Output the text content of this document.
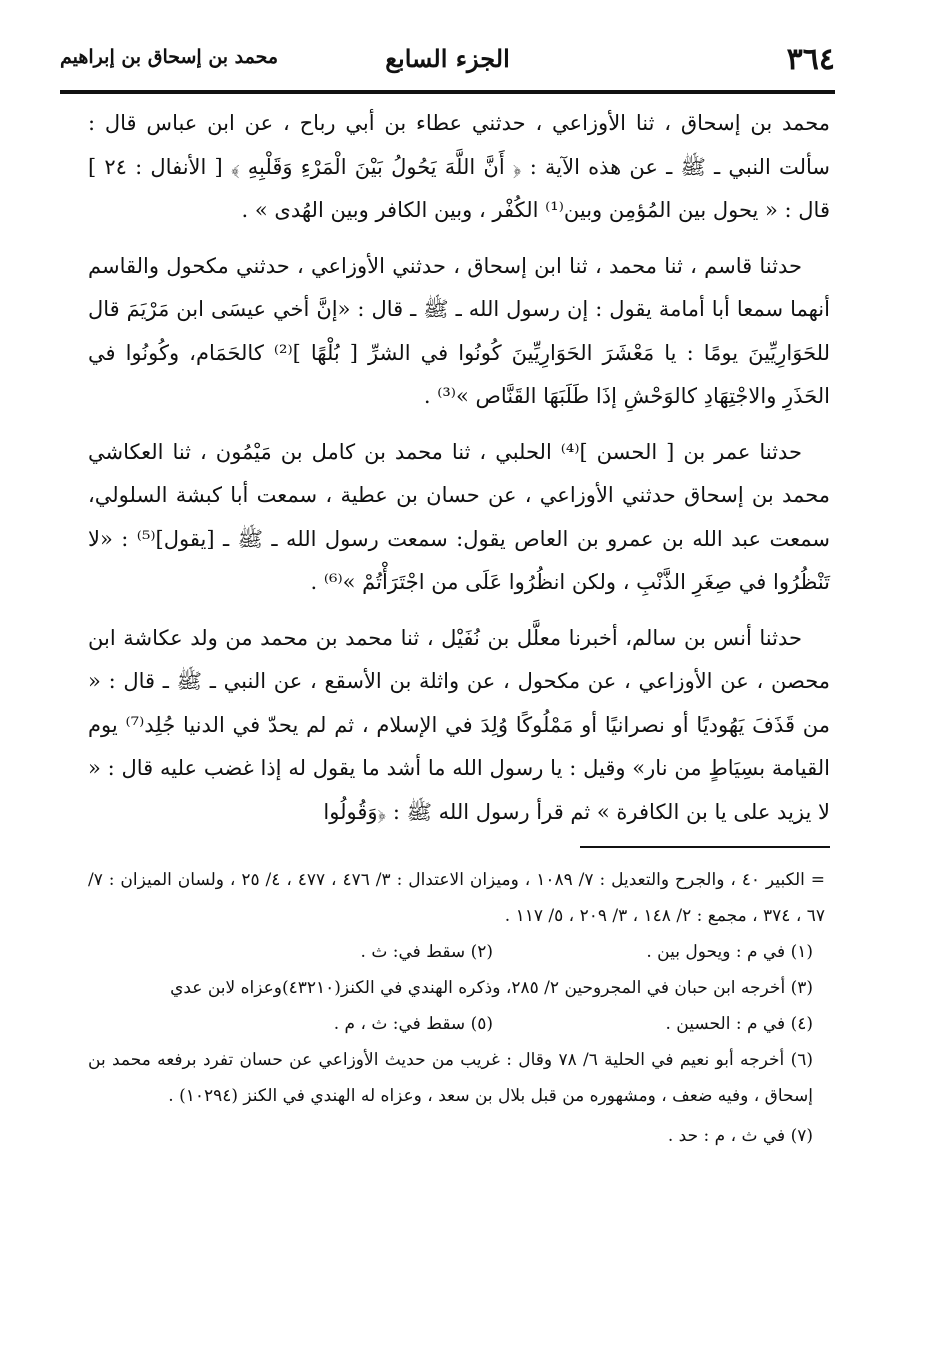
٣٦٤
الجزء السابع
محمد بن إسحاق بن إبراهيم

محمد بن إسحاق ، ثنا الأوزاعي ، حدثني عطاء بن أبي رباح ، عن ابن عباس قال : سألت النبي ـ ﷺ ـ عن هذه الآية : ﴿ أَنَّ اللَّهَ يَحُولُ بَيْنَ الْمَرْءِ وَقَلْبِهِ ﴾ [ الأنفال : ٢٤ ] قال : « يحول بين المُؤمِن وبين⁽¹⁾ الكُفْر ، وبين الكافر وبين الهُدى » .

حدثنا قاسم ، ثنا محمد ، ثنا ابن إسحاق ، حدثني الأوزاعي ، حدثني مكحول والقاسم أنهما سمعا أبا أمامة يقول : إن رسول الله ـ ﷺ ـ قال : «إنَّ أخي عيسَى ابن مَرْيَمَ قال للحَوَارِيِّينَ يومًا : يا مَعْشَرَ الحَوَارِيِّينَ كُونُوا في الشرِّ [ بُلْهًا ]⁽²⁾ كالحَمَام، وكُونُوا في الحَذَرِ والاجْتِهَادِ كالوَحْشِ إذَا طَلَبَهَا القَنَّاص »⁽³⁾ .

حدثنا عمر بن [ الحسن ]⁽⁴⁾ الحلبي ، ثنا محمد بن كامل بن مَيْمُون ، ثنا العكاشي محمد بن إسحاق حدثني الأوزاعي ، عن حسان بن عطية ، سمعت أبا كبشة السلولي، سمعت عبد الله بن عمرو بن العاص يقول: سمعت رسول الله ـ ﷺ ـ [يقول]⁽⁵⁾ : «لا تَنْظُرُوا في صِغَرِ الذَّنْبِ ، ولكن انظُرُوا عَلَى من اجْتَرَأْتُمْ »⁽⁶⁾ .

حدثنا أنس بن سالم، أخبرنا معلَّل بن نُفَيْل ، ثنا محمد بن محمد من ولد عكاشة ابن محصن ، عن الأوزاعي ، عن مكحول ، عن واثلة بن الأسقع ، عن النبي ـ ﷺ ـ قال : « من قَذَفَ يَهُوديًا أو نصرانيًا أو مَمْلُوكًا وُلِدَ في الإسلام ، ثم لم يحدّ في الدنيا جُلِد⁽⁷⁾ يوم القيامة بسِيَاطٍ من نار» وقيل : يا رسول الله ما أشد ما يقول له إذا غضب عليه قال : « لا يزيد على يا بن الكافرة » ثم قرأ رسول الله ﷺ : ﴿وَقُولُوا

= الكبير ٤٠ ، والجرح والتعديل : ٧/ ١٠٨٩ ، وميزان الاعتدال : ٣/ ٤٧٦ ، ٤٧٧ ، ٤/ ٢٥ ، ولسان الميزان : ٧/ ٦٧ ، ٣٧٤ ، مجمع : ٢/ ١٤٨ ، ٣/ ٢٠٩ ، ٥/ ١١٧ .

(١) في م : ويحول بين .
(٢) سقط في: ث .

(٣) أخرجه ابن حبان في المجروحين ٢/ ٢٨٥، وذكره الهندي في الكنز(٤٣٢١٠)وعزاه لابن عدي

(٤) في م : الحسين .
(٥) سقط في: ث ، م .

(٦) أخرجه أبو نعيم في الحلية ٦/ ٧٨ وقال : غريب من حديث الأوزاعي عن حسان تفرد برفعه محمد بن إسحاق ، وفيه ضعف ، ومشهوره من قبل بلال بن سعد ، وعزاه له الهندي في الكنز (١٠٢٩٤) .

(٧) في ث ، م : حد .
